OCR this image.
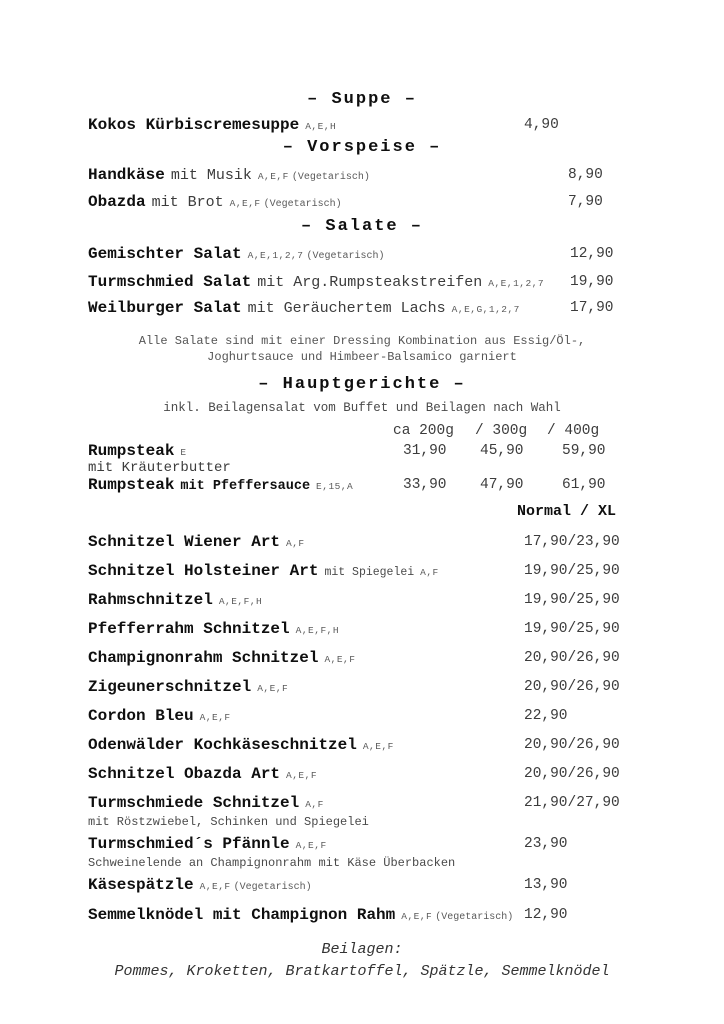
– Suppe –
Kokos Kürbiscremesuppe A,E,H	4,90
– Vorspeise –
Handkäse mit Musik A,E,F (Vegetarisch)	8,90
Obazda mit Brot A,E,F (Vegetarisch)	7,90
– Salate –
Gemischter Salat A,E,1,2,7 (Vegetarisch)	12,90
Turmschmied Salat mit Arg.Rumpsteakstreifen A,E,1,2,7 19,90
Weilburger Salat mit Geräuchertem Lachs A,E,G,1,2,7	17,90
Alle Salate sind mit einer Dressing Kombination aus Essig/Öl-,
Joghurtsauce und Himbeer-Balsamico garniert
– Hauptgerichte –
inkl. Beilagensalat vom Buffet und Beilagen nach Wahl
ca 200g / 300g / 400g
Rumpsteak E	31,90 45,90	59,90
mit Kräuterbutter
Rumpsteak mit Pfeffersauce E,15,A	33,90 47,90	61,90
Normal / XL
Schnitzel Wiener Art A,F	17,90/23,90
Schnitzel Holsteiner Art mit Spiegelei A,F	19,90/25,90
Rahmschnitzel A,E,F,H	19,90/25,90
Pfefferrahm Schnitzel A,E,F,H	19,90/25,90
Champignonrahm Schnitzel A,E,F	20,90/26,90
Zigeunerschnitzel A,E,F	20,90/26,90
Cordon Bleu A,E,F	22,90
Odenwälder Kochkäseschnitzel A,E,F	20,90/26,90
Schnitzel Obazda Art A,E,F	20,90/26,90
Turmschmiede Schnitzel A,F	21,90/27,90
mit Röstzwiebel, Schinken und Spiegelei
Turmschmied´s Pfännle A,E,F	23,90
Schweinelende an Champignonrahm mit Käse Überbacken
Käsespätzle A,E,F (Vegetarisch)	13,90
Semmelknödel mit Champignon Rahm A,E,F (Vegetarisch) 12,90
Beilagen:
Pommes, Kroketten, Bratkartoffel, Spätzle, Semmelknödel
